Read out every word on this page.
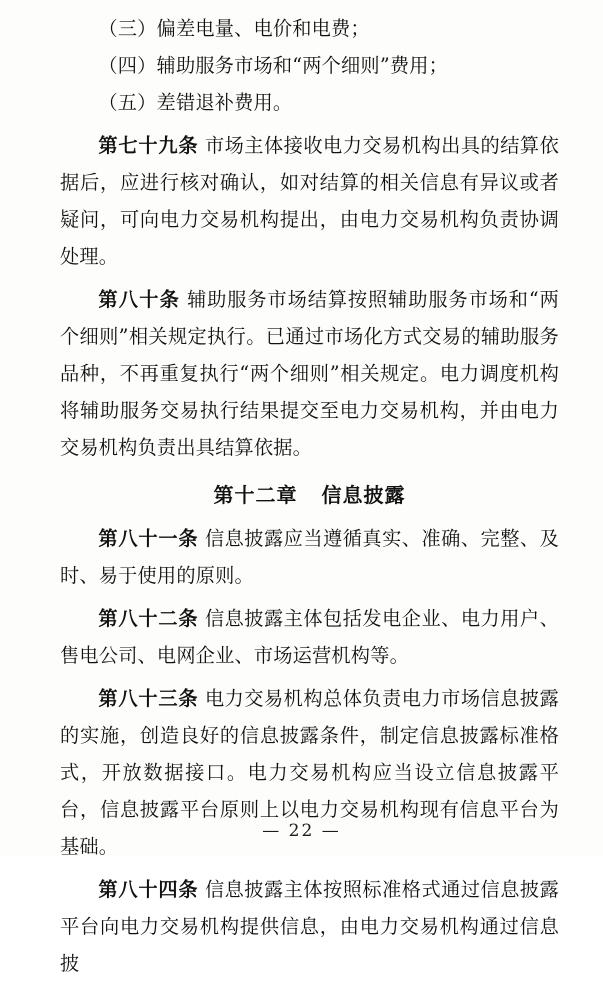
（三）偏差电量、电价和电费；

（四）辅助服务市场和“两个细则”费用；

（五）差错退补费用。

第七十九条 市场主体接收电力交易机构出具的结算依据后，应进行核对确认，如对结算的相关信息有异议或者疑问，可向电力交易机构提出，由电力交易机构负责协调处理。

第八十条 辅助服务市场结算按照辅助服务市场和“两个细则”相关规定执行。已通过市场化方式交易的辅助服务品种，不再重复执行“两个细则”相关规定。电力调度机构将辅助服务交易执行结果提交至电力交易机构，并由电力交易机构负责出具结算依据。

第十二章 信息披露

第八十一条 信息披露应当遵循真实、准确、完整、及时、易于使用的原则。

第八十二条 信息披露主体包括发电企业、电力用户、售电公司、电网企业、市场运营机构等。

第八十三条 电力交易机构总体负责电力市场信息披露的实施，创造良好的信息披露条件，制定信息披露标准格式，开放数据接口。电力交易机构应当设立信息披露平台，信息披露平台原则上以电力交易机构现有信息平台为基础。

第八十四条 信息披露主体按照标准格式通过信息披露平台向电力交易机构提供信息，由电力交易机构通过信息披

— 22 —
